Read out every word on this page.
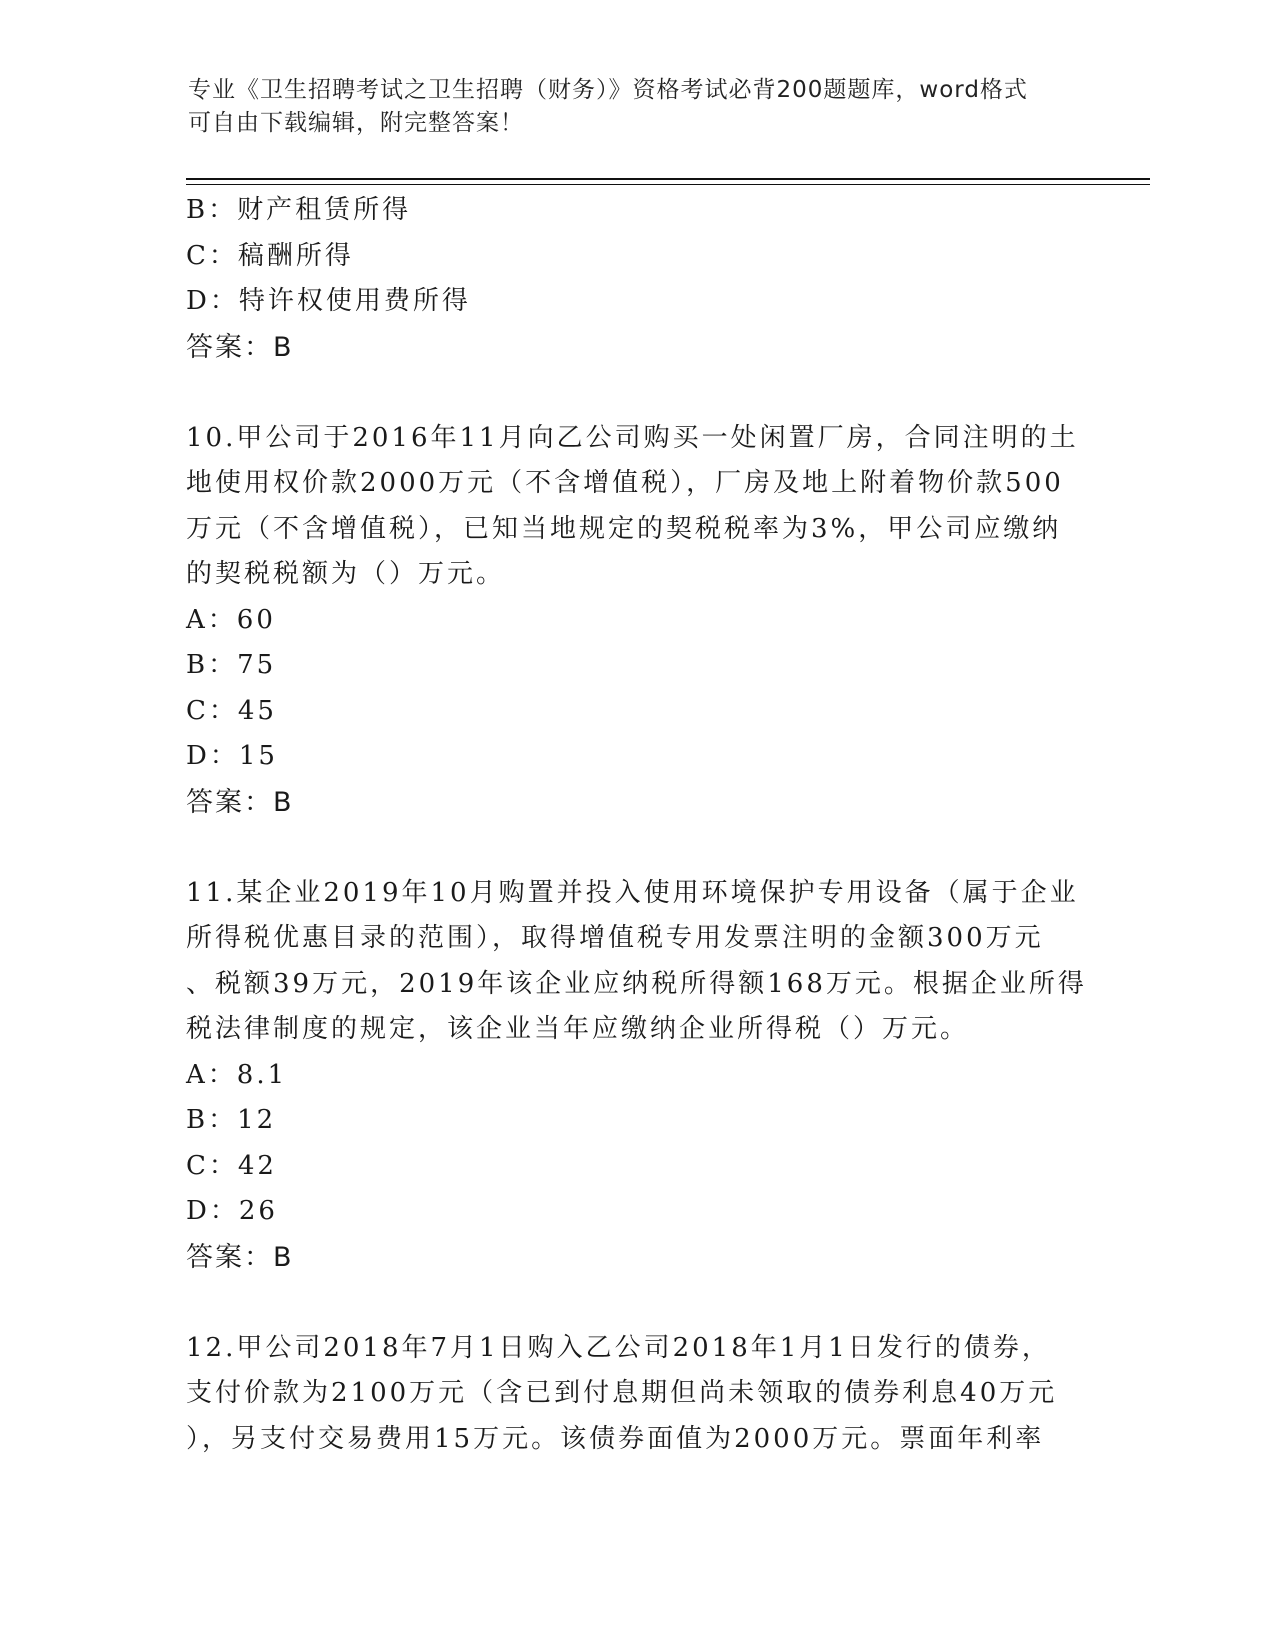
专业《卫生招聘考试之卫生招聘（财务）》资格考试必背200题题库，word格式
可自由下载编辑，附完整答案！
B：财产租赁所得
C：稿酬所得
D：特许权使用费所得
答案：B
10.甲公司于2016年11月向乙公司购买一处闲置厂房，合同注明的土
地使用权价款2000万元（不含增值税），厂房及地上附着物价款500
万元（不含增值税），已知当地规定的契税税率为3%，甲公司应缴纳
的契税税额为（）万元。
A：60
B：75
C：45
D：15
答案：B
11.某企业2019年10月购置并投入使用环境保护专用设备（属于企业
所得税优惠目录的范围），取得增值税专用发票注明的金额300万元
、税额39万元，2019年该企业应纳税所得额168万元。根据企业所得
税法律制度的规定，该企业当年应缴纳企业所得税（）万元。
A：8.1
B：12
C：42
D：26
答案：B
12.甲公司2018年7月1日购入乙公司2018年1月1日发行的债券，
支付价款为2100万元（含已到付息期但尚未领取的债券利息40万元
），另支付交易费用15万元。该债券面值为2000万元。票面年利率
